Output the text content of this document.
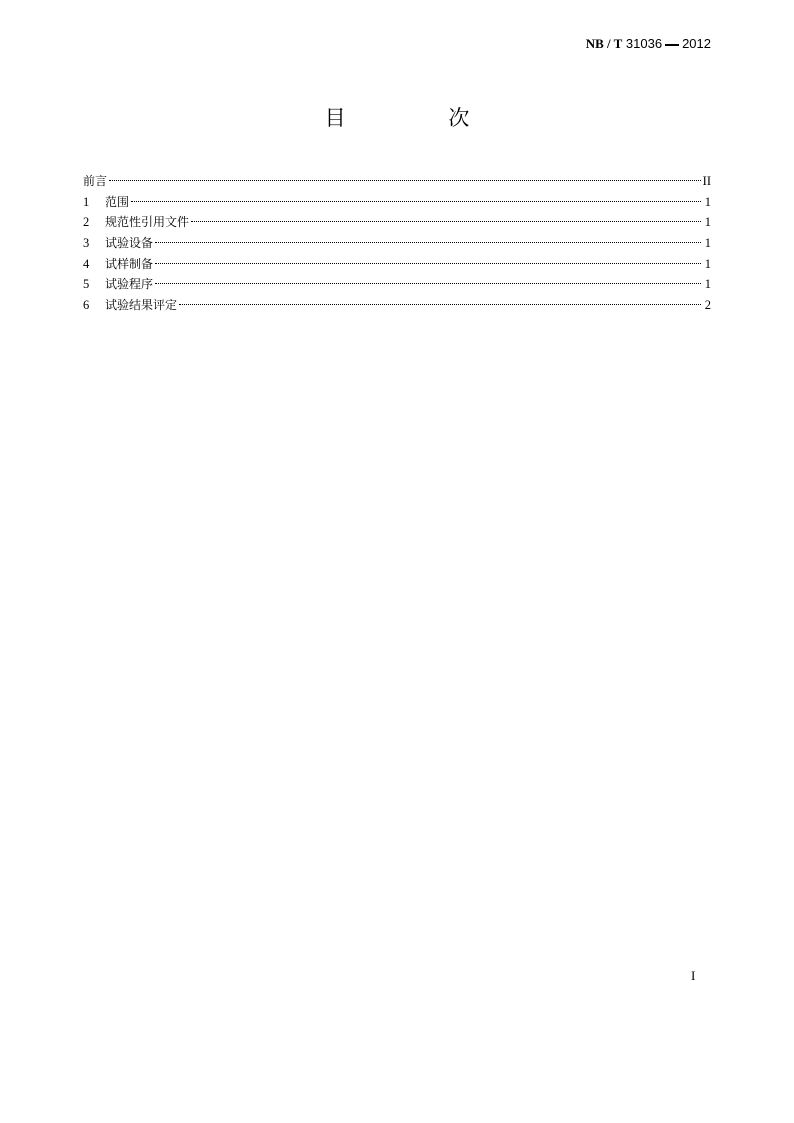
NB / T 31036 2012
目 次
前言	II
1	范围	1
2	规范性引用文件	1
3	试验设备	1
4	试样制备	1
5	试验程序	1
6	试验结果评定	2
I
